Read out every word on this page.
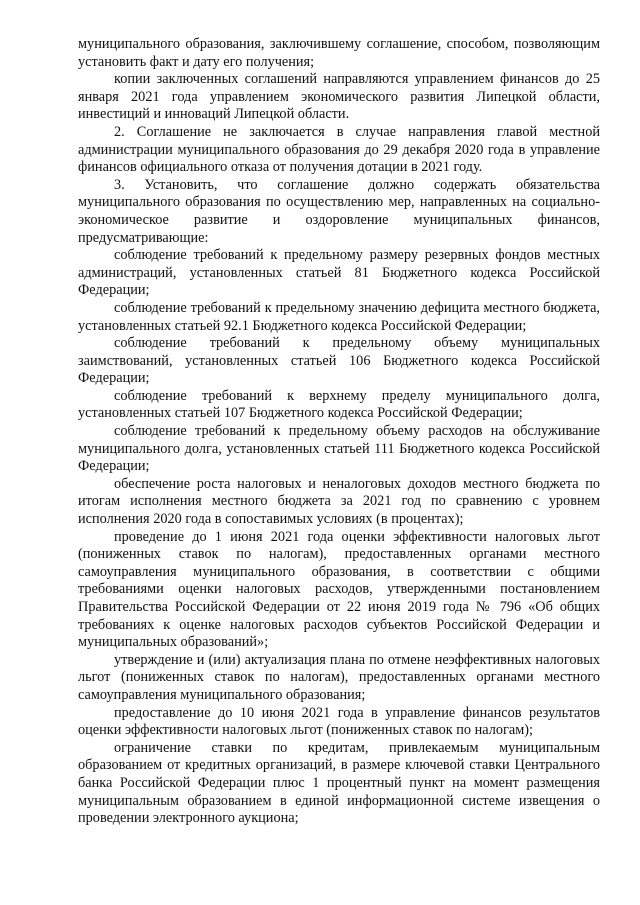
муниципального образования, заключившему соглашение, способом, позволяющим установить факт и дату его получения;

копии заключенных соглашений направляются управлением финансов до 25 января 2021 года управлением экономического развития Липецкой области, инвестиций и инноваций Липецкой области.

2. Соглашение не заключается в случае направления главой местной администрации муниципального образования до 29 декабря 2020 года в управление финансов официального отказа от получения дотации в 2021 году.

3. Установить, что соглашение должно содержать обязательства муниципального образования по осуществлению мер, направленных на социально-экономическое развитие и оздоровление муниципальных финансов, предусматривающие:

соблюдение требований к предельному размеру резервных фондов местных администраций, установленных статьей 81 Бюджетного кодекса Российской Федерации;

соблюдение требований к предельному значению дефицита местного бюджета, установленных статьей 92.1 Бюджетного кодекса Российской Федерации;

соблюдение требований к предельному объему муниципальных заимствований, установленных статьей 106 Бюджетного кодекса Российской Федерации;

соблюдение требований к верхнему пределу муниципального долга, установленных статьей 107 Бюджетного кодекса Российской Федерации;

соблюдение требований к предельному объему расходов на обслуживание муниципального долга, установленных статьей 111 Бюджетного кодекса Российской Федерации;

обеспечение роста налоговых и неналоговых доходов местного бюджета по итогам исполнения местного бюджета за 2021 год по сравнению с уровнем исполнения 2020 года в сопоставимых условиях (в процентах);

проведение до 1 июня 2021 года оценки эффективности налоговых льгот (пониженных ставок по налогам), предоставленных органами местного самоуправления муниципального образования, в соответствии с общими требованиями оценки налоговых расходов, утвержденными постановлением Правительства Российской Федерации от 22 июня 2019 года № 796 «Об общих требованиях к оценке налоговых расходов субъектов Российской Федерации и муниципальных образований»;

утверждение и (или) актуализация плана по отмене неэффективных налоговых льгот (пониженных ставок по налогам), предоставленных органами местного самоуправления муниципального образования;

предоставление до 10 июня 2021 года в управление финансов результатов оценки эффективности налоговых льгот (пониженных ставок по налогам);

ограничение ставки по кредитам, привлекаемым муниципальным образованием от кредитных организаций, в размере ключевой ставки Центрального банка Российской Федерации плюс 1 процентный пункт на момент размещения муниципальным образованием в единой информационной системе извещения о проведении электронного аукциона;
